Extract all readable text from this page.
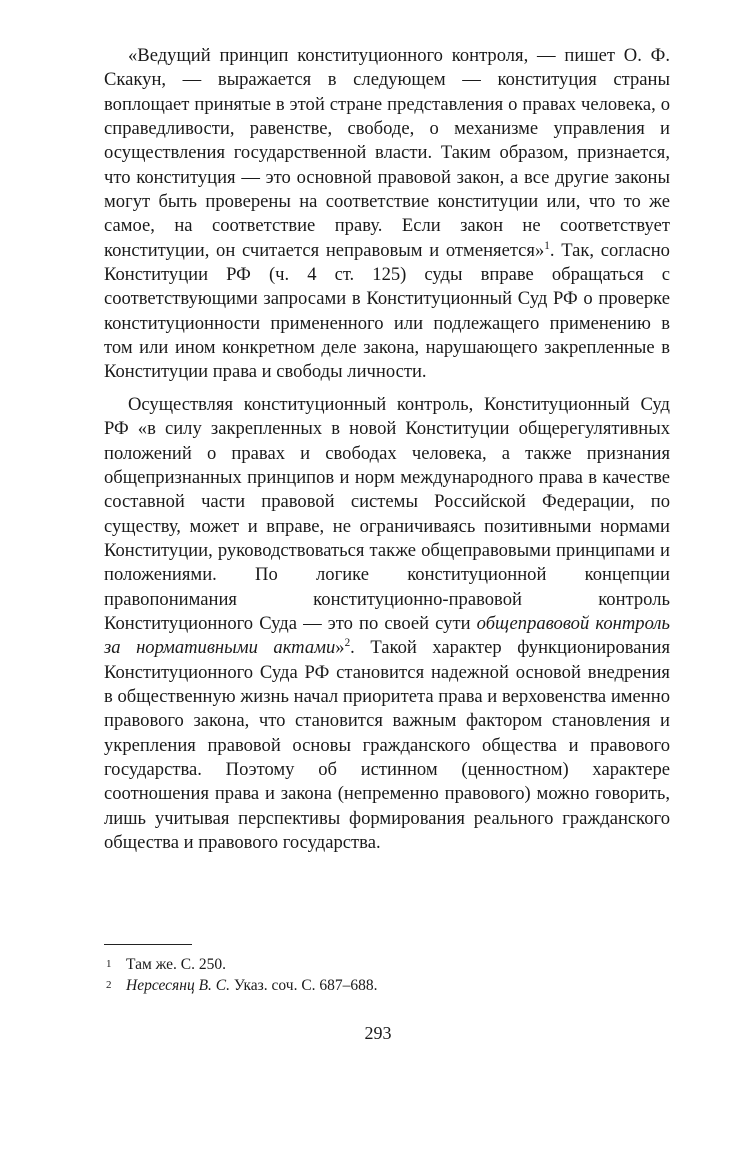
«Ведущий принцип конституционного контроля, — пишет О. Ф. Скакун, — выражается в следующем — конституция страны воплощает принятые в этой стране представления о правах человека, о справедливости, равенстве, свободе, о механизме управления и осуществления государственной власти. Таким образом, признается, что конституция — это основной правовой закон, а все другие законы могут быть проверены на соответствие конституции или, что то же самое, на соответствие праву. Если закон не соответствует конституции, он считается неправовым и отменяется»$^1$. Так, согласно Конституции РФ (ч. 4 ст. 125) суды вправе обращаться с соответствующими запросами в Конституционный Суд РФ о проверке конституционности примененного или подлежащего применению в том или ином конкретном деле закона, нарушающего закрепленные в Конституции права и свободы личности.

Осуществляя конституционный контроль, Конституционный Суд РФ «в силу закрепленных в новой Конституции общерегулятивных положений о правах и свободах человека, а также признания общепризнанных принципов и норм международного права в качестве составной части правовой системы Российской Федерации, по существу, может и вправе, не ограничиваясь позитивными нормами Конституции, руководствоваться также общеправовыми принципами и положениями. По логике конституционной концепции правопонимания конституционно-правовой контроль Конституционного Суда — это по своей сути общеправовой контроль за нормативными актами»$^2$. Такой характер функционирования Конституционного Суда РФ становится надежной основой внедрения в общественную жизнь начал приоритета права и верховенства именно правового закона, что становится важным фактором становления и укрепления правовой основы гражданского общества и правового государства. Поэтому об истинном (ценностном) характере соотношения права и закона (непременно правового) можно говорить, лишь учитывая перспективы формирования реального гражданского общества и правового государства.

1 Там же. С. 250.

2 Нерсесянц В. С. Указ. соч. С. 687–688.

293
